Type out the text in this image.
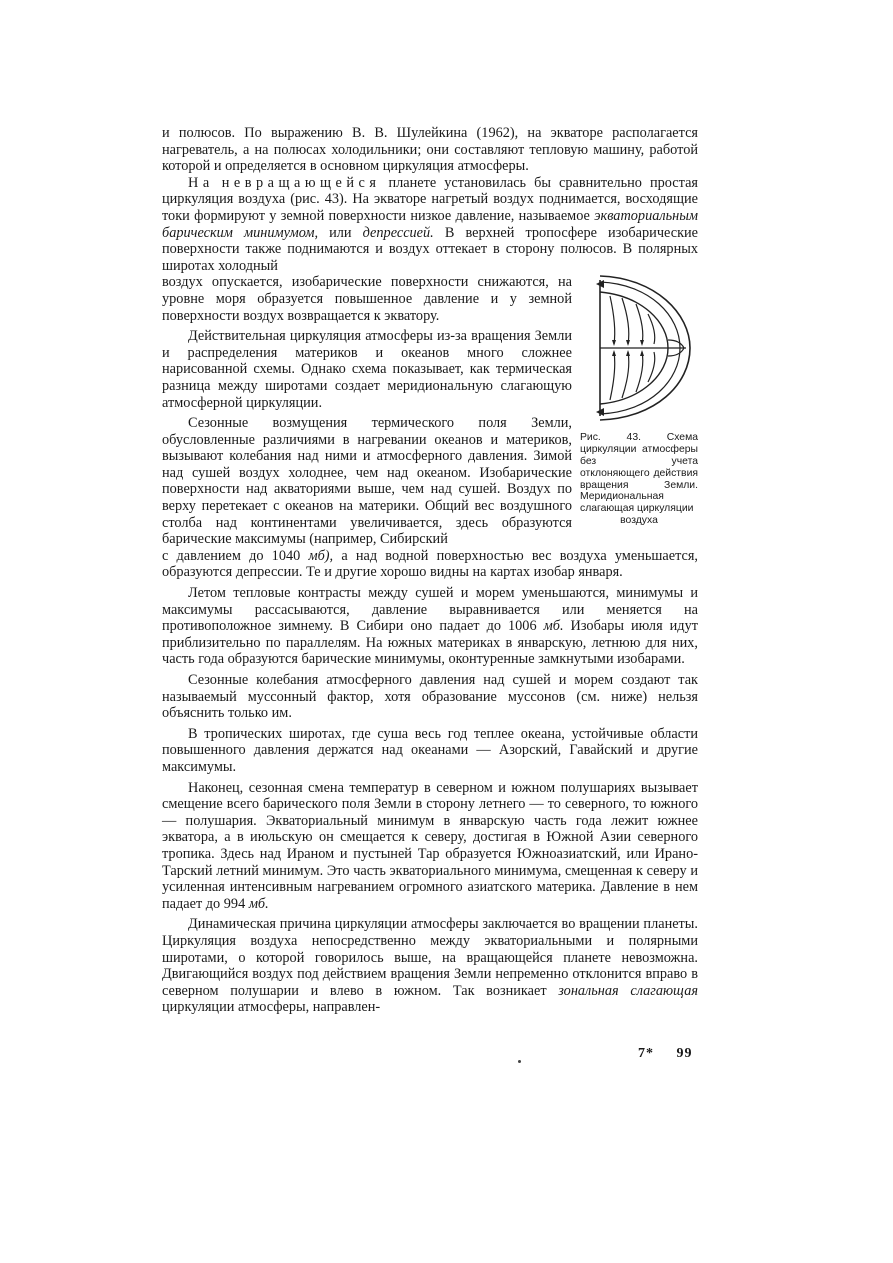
и полюсов. По выражению В. В. Шулейкина (1962), на экваторе располагается нагреватель, а на полюсах холодильники; они составляют тепловую машину, работой которой и определяется в основном циркуляция атмосферы.

На невращающейся планете установилась бы сравнительно простая циркуляция воздуха (рис. 43). На экваторе нагретый воздух поднимается, восходящие токи формируют у земной поверхности низкое давление, называемое экваториальным барическим минимумом, или депрессией. В верхней тропосфере изобарические поверхности также поднимаются и воздух оттекает в сторону полюсов. В полярных широтах холодный

Рис. 43. Схема циркуляции атмосферы без учета отклоняющего действия вращения Земли. Меридиональная слагающая циркуляции
воздуха

воздух опускается, изобарические поверхности снижаются, на уровне моря образуется повышенное давление и у земной поверхности воздух возвращается к экватору.

Действительная циркуляция атмосферы из-за вращения Земли и распределения материков и океанов много сложнее нарисованной схемы. Однако схема показывает, как термическая разница между широтами создает меридиональную слагающую атмосферной циркуляции.

Сезонные возмущения термического поля Земли, обусловленные различиями в нагревании океанов и материков, вызывают колебания над ними и атмосферного давления. Зимой над сушей воздух холоднее, чем над океаном. Изобарические поверхности над акваториями выше, чем над сушей. Воздух по верху перетекает с океанов на материки. Общий вес воздушного столба над континентами увеличивается, здесь образуются барические максимумы (например, Сибирский

с давлением до 1040 мб), а над водной поверхностью вес воздуха уменьшается, образуются депрессии. Те и другие хорошо видны на картах изобар января.

Летом тепловые контрасты между сушей и морем уменьшаются, минимумы и максимумы рассасываются, давление выравнивается или меняется на противоположное зимнему. В Сибири оно падает до 1006 мб. Изобары июля идут приблизительно по параллелям. На южных материках в январскую, летнюю для них, часть года образуются барические минимумы, оконтуренные замкнутыми изобарами.

Сезонные колебания атмосферного давления над сушей и морем создают так называемый муссонный фактор, хотя образование муссонов (см. ниже) нельзя объяснить только им.

В тропических широтах, где суша весь год теплее океана, устойчивые области повышенного давления держатся над океанами — Азорский, Гавайский и другие максимумы.

Наконец, сезонная смена температур в северном и южном полушариях вызывает смещение всего барического поля Земли в сторону летнего — то северного, то южного — полушария. Экваториальный минимум в январскую часть года лежит южнее экватора, а в июльскую он смещается к северу, достигая в Южной Азии северного тропика. Здесь над Ираном и пустыней Тар образуется Южноазиатский, или Ирано-Тарский летний минимум. Это часть экваториального минимума, смещенная к северу и усиленная интенсивным нагреванием огромного азиатского материка. Давление в нем падает до 994 мб.

Динамическая причина циркуляции атмосферы заключается во вращении планеты. Циркуляция воздуха непосредственно между экваториальными и полярными широтами, о которой говорилось выше, на вращающейся планете невозможна. Двигающийся воздух под действием вращения Земли непременно отклонится вправо в северном полушарии и влево в южном. Так возникает зональная слагающая циркуляции атмосферы, направлен-

7* 99
